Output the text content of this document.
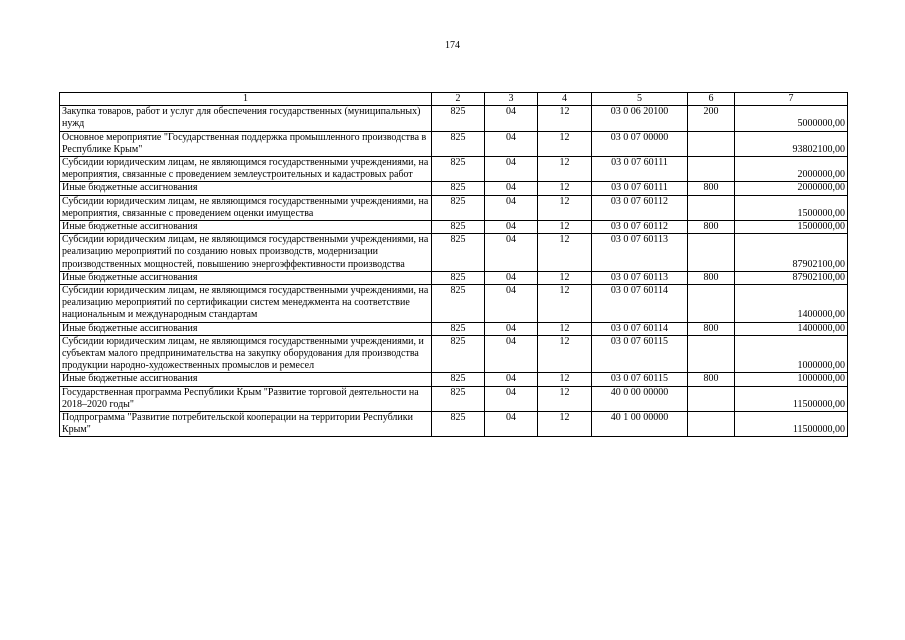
174
1	2	3	4	5	6	7
Закупка товаров, работ и услуг для обеспечения государственных (муниципальных) нужд	825	04	12	03 0 06 20100	200	5000000,00
Основное мероприятие "Государственная поддержка промышленного производства в Республике Крым"	825	04	12	03 0 07 00000		93802100,00
Субсидии юридическим лицам, не являющимся государственными учреждениями, на мероприятия, связанные с проведением землеустроительных и кадастровых работ	825	04	12	03 0 07 60111		2000000,00
Иные бюджетные ассигнования	825	04	12	03 0 07 60111	800	2000000,00
Субсидии юридическим лицам, не являющимся государственными учреждениями, на мероприятия, связанные с проведением оценки имущества	825	04	12	03 0 07 60112		1500000,00
Иные бюджетные ассигнования	825	04	12	03 0 07 60112	800	1500000,00
Субсидии юридическим лицам, не являющимся государственными учреждениями, на реализацию мероприятий по созданию новых производств, модернизации производственных мощностей, повышению энергоэффективности производства	825	04	12	03 0 07 60113		87902100,00
Иные бюджетные ассигнования	825	04	12	03 0 07 60113	800	87902100,00
Субсидии юридическим лицам, не являющимся государственными учреждениями, на реализацию мероприятий по сертификации систем менеджмента на соответствие национальным и международным стандартам	825	04	12	03 0 07 60114		1400000,00
Иные бюджетные ассигнования	825	04	12	03 0 07 60114	800	1400000,00
Субсидии юридическим лицам, не являющимся государственными учреждениями, и субъектам малого предпринимательства на закупку оборудования для производства продукции народно-художественных промыслов и ремесел	825	04	12	03 0 07 60115		1000000,00
Иные бюджетные ассигнования	825	04	12	03 0 07 60115	800	1000000,00
Государственная программа Республики Крым "Развитие торговой деятельности на 2018–2020 годы"	825	04	12	40 0 00 00000		11500000,00
Подпрограмма "Развитие потребительской кооперации на территории Республики Крым"	825	04	12	40 1 00 00000		11500000,00
